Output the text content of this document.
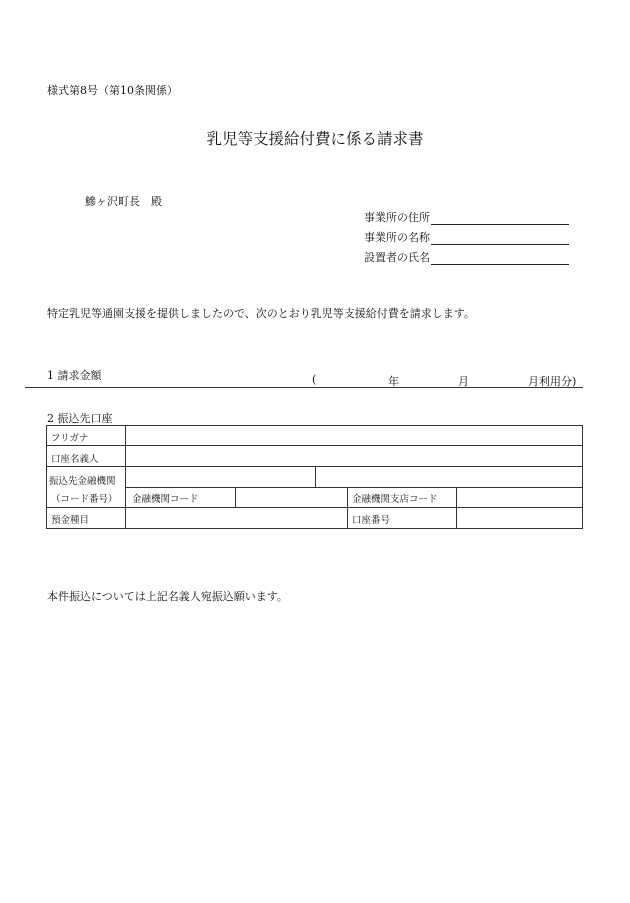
様式第8号（第10条関係）
乳児等支援給付費に係る請求書
鰺ヶ沢町長　殿
事業所の住所
事業所の名称
設置者の氏名
特定乳児等通園支援を提供しましたので、次のとおり乳児等支援給付費を請求します。
1 請求金額	(	年	月	月利用分)
2 振込先口座
フリガナ
口座名義人
振込先金融機関
（コード番号） 金融機関コード	金融機関支店コード
預金種目	口座番号
本件振込については上記名義人宛振込願います。
